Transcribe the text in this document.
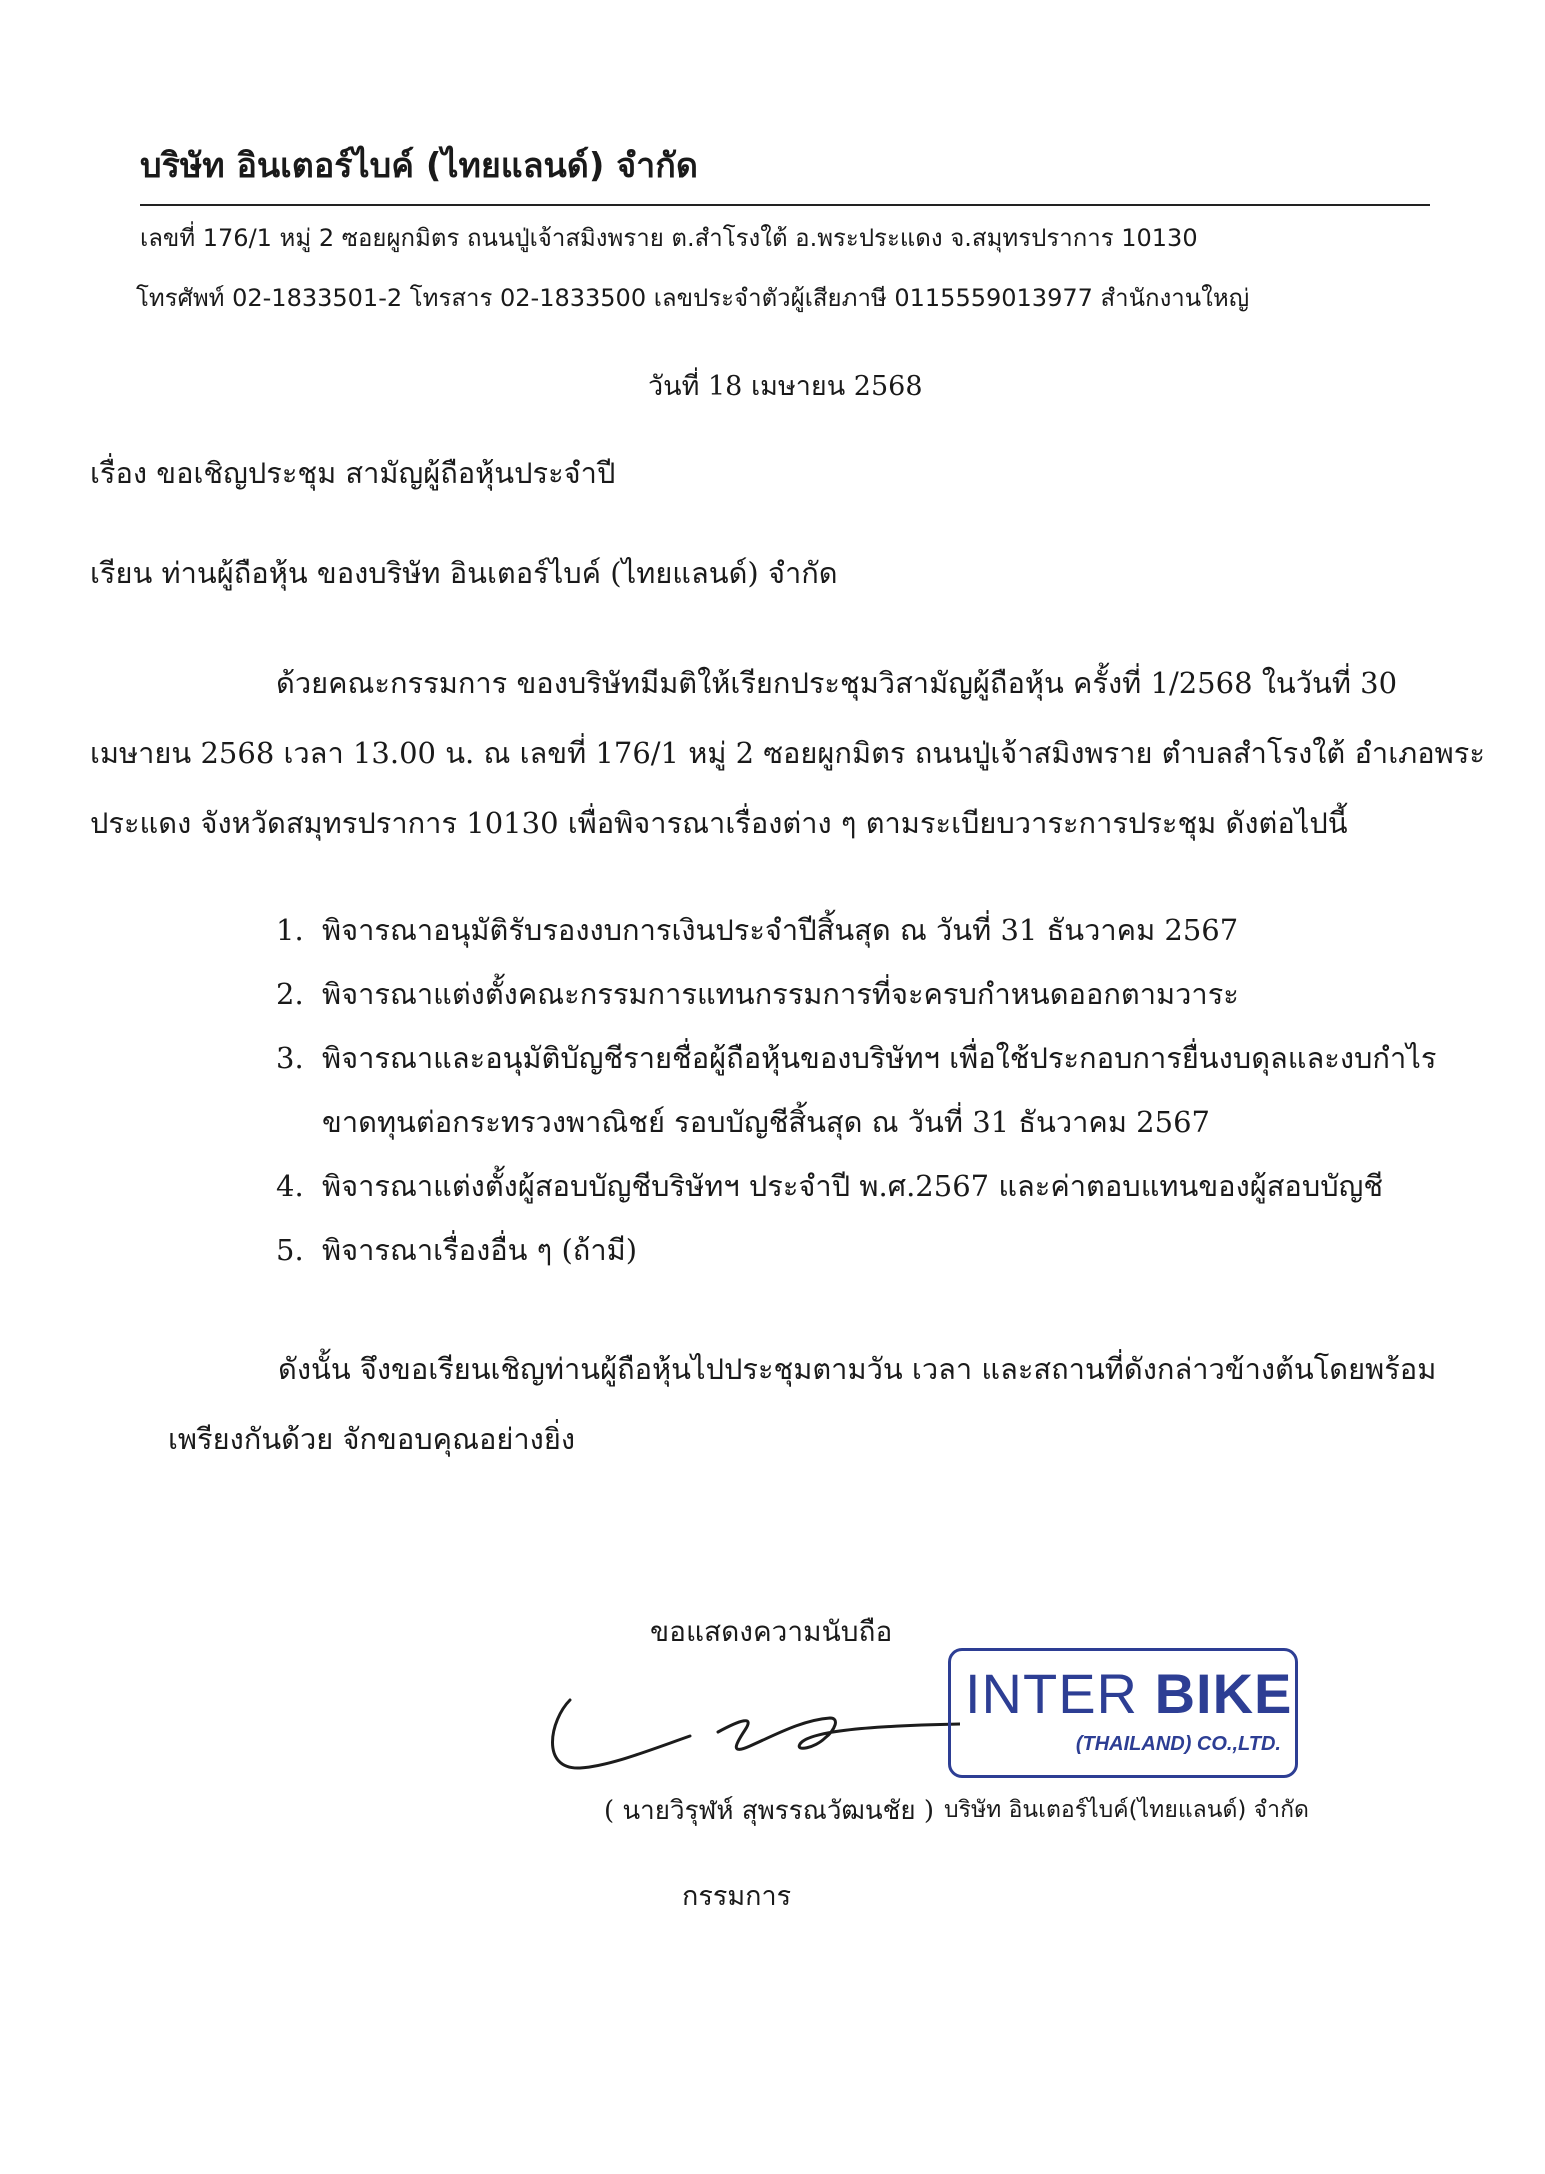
บริษัท อินเตอร์ไบค์ (ไทยแลนด์) จำกัด
เลขที่ 176/1 หมู่ 2 ซอยผูกมิตร ถนนปู่เจ้าสมิงพราย ต.สำโรงใต้ อ.พระประแดง จ.สมุทรปราการ 10130
โทรศัพท์ 02-1833501-2 โทรสาร 02-1833500 เลขประจำตัวผู้เสียภาษี 0115559013977 สำนักงานใหญ่
วันที่ 18 เมษายน 2568
เรื่อง ขอเชิญประชุม สามัญผู้ถือหุ้นประจำปี
เรียน ท่านผู้ถือหุ้น ของบริษัท อินเตอร์ไบค์ (ไทยแลนด์) จำกัด
ด้วยคณะกรรมการ ของบริษัทมีมติให้เรียกประชุมวิสามัญผู้ถือหุ้น ครั้งที่ 1/2568 ในวันที่ 30
เมษายน 2568 เวลา 13.00 น. ณ เลขที่ 176/1 หมู่ 2 ซอยผูกมิตร ถนนปู่เจ้าสมิงพราย ตำบลสำโรงใต้ อำเภอพระ
ประแดง จังหวัดสมุทรปราการ 10130 เพื่อพิจารณาเรื่องต่าง ๆ ตามระเบียบวาระการประชุม ดังต่อไปนี้
1. พิจารณาอนุมัติรับรองงบการเงินประจำปีสิ้นสุด ณ วันที่ 31 ธันวาคม 2567
2. พิจารณาแต่งตั้งคณะกรรมการแทนกรรมการที่จะครบกำหนดออกตามวาระ
3. พิจารณาและอนุมัติบัญชีรายชื่อผู้ถือหุ้นของบริษัทฯ เพื่อใช้ประกอบการยื่นงบดุลและงบกำไร
ขาดทุนต่อกระทรวงพาณิชย์ รอบบัญชีสิ้นสุด ณ วันที่ 31 ธันวาคม 2567
4. พิจารณาแต่งตั้งผู้สอบบัญชีบริษัทฯ ประจำปี พ.ศ.2567 และค่าตอบแทนของผู้สอบบัญชี
5. พิจารณาเรื่องอื่น ๆ (ถ้ามี)
ดังนั้น จึงขอเรียนเชิญท่านผู้ถือหุ้นไปประชุมตามวัน เวลา และสถานที่ดังกล่าวข้างต้นโดยพร้อม
เพรียงกันด้วย จักขอบคุณอย่างยิ่ง
ขอแสดงความนับถือ
INTER BIKE
(THAILAND) CO.,LTD.
( นายวิรุฬห์ สุพรรณวัฒนชัย ) บริษัท อินเตอร์ไบค์(ไทยแลนด์) จำกัด
กรรมการ
